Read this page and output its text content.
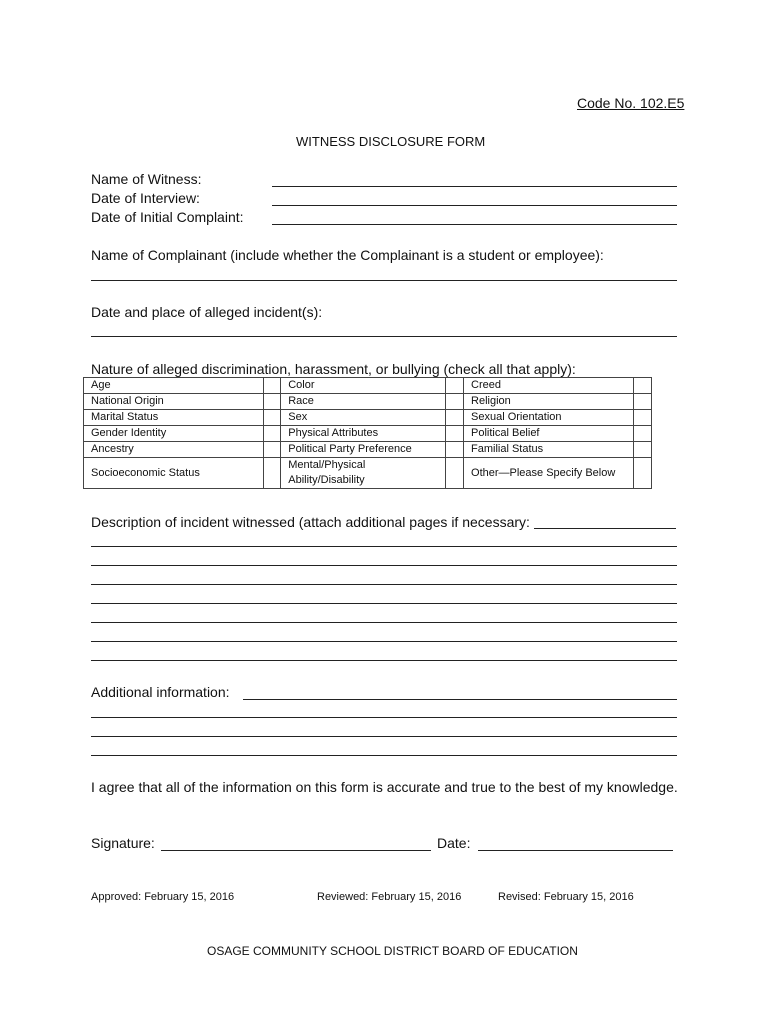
Code No. 102.E5
WITNESS DISCLOSURE FORM
Name of Witness:
Date of Interview:
Date of Initial Complaint:
Name of Complainant (include whether the Complainant is a student or employee):
Date and place of alleged incident(s):
Nature of alleged discrimination, harassment, or bullying (check all that apply):
Age		Color		Creed	
National Origin		Race		Religion	
Marital Status		Sex		Sexual Orientation	
Gender Identity		Physical Attributes		Political Belief	
Ancestry		Political Party Preference		Familial Status	
Socioeconomic Status		Mental/Physical Ability/Disability		Other—Please Specify Below	
Description of incident witnessed (attach additional pages if necessary:
Additional information:
I agree that all of the information on this form is accurate and true to the best of my knowledge.
Signature:	Date:
Approved: February 15, 2016	Reviewed: February 15, 2016	Revised: February 15, 2016
OSAGE COMMUNITY SCHOOL DISTRICT BOARD OF EDUCATION
